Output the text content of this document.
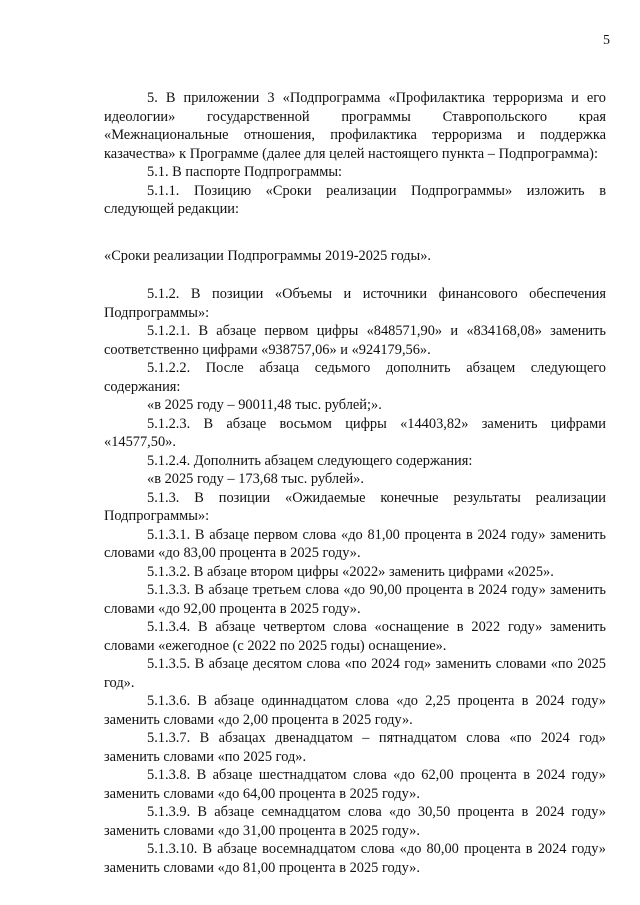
5

5. В приложении 3 «Подпрограмма «Профилактика терроризма и его идеологии» государственной программы Ставропольского края «Межнациональные отношения, профилактика терроризма и поддержка казачества» к Программе (далее для целей настоящего пункта – Подпрограмма):

5.1. В паспорте Подпрограммы:

5.1.1. Позицию «Сроки реализации Подпрограммы» изложить в следующей редакции:

«Сроки реализации Подпрограммы 2019-2025 годы».

5.1.2. В позиции «Объемы и источники финансового обеспечения Подпрограммы»:

5.1.2.1. В абзаце первом цифры «848571,90» и «834168,08» заменить соответственно цифрами «938757,06» и «924179,56».

5.1.2.2. После абзаца седьмого дополнить абзацем следующего содержания:

«в 2025 году – 90011,48 тыс. рублей;».

5.1.2.3. В абзаце восьмом цифры «14403,82» заменить цифрами «14577,50».

5.1.2.4. Дополнить абзацем следующего содержания:

«в 2025 году – 173,68 тыс. рублей».

5.1.3. В позиции «Ожидаемые конечные результаты реализации Подпрограммы»:

5.1.3.1. В абзаце первом слова «до 81,00 процента в 2024 году» заменить словами «до 83,00 процента в 2025 году».

5.1.3.2. В абзаце втором цифры «2022» заменить цифрами «2025».

5.1.3.3. В абзаце третьем слова «до 90,00 процента в 2024 году» заменить словами «до 92,00 процента в 2025 году».

5.1.3.4. В абзаце четвертом слова «оснащение в 2022 году» заменить словами «ежегодное (с 2022 по 2025 годы) оснащение».

5.1.3.5. В абзаце десятом слова «по 2024 год» заменить словами «по 2025 год».

5.1.3.6. В абзаце одиннадцатом слова «до 2,25 процента в 2024 году» заменить словами «до 2,00 процента в 2025 году».

5.1.3.7. В абзацах двенадцатом – пятнадцатом слова «по 2024 год» заменить словами «по 2025 год».

5.1.3.8. В абзаце шестнадцатом слова «до 62,00 процента в 2024 году» заменить словами «до 64,00 процента в 2025 году».

5.1.3.9. В абзаце семнадцатом слова «до 30,50 процента в 2024 году» заменить словами «до 31,00 процента в 2025 году».

5.1.3.10. В абзаце восемнадцатом слова «до 80,00 процента в 2024 году» заменить словами «до 81,00 процента в 2025 году».
